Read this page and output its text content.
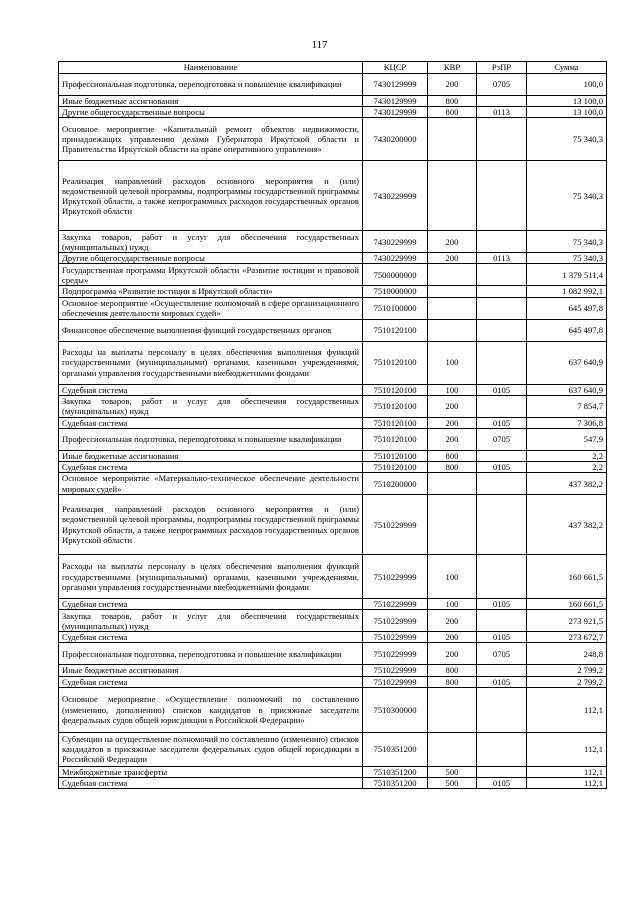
117
Наименование	КЦСР	КВР	РзПР	Сумма
Профессиональная подготовка, переподготовка и повышение квалификации	7430129999	200	0705	100,0
Иные бюджетные ассигнования	7430129999	800		13 100,0
Другие общегосударственные вопросы	7430129999	800	0113	13 100,0
Основное мероприятие «Капитальный ремонт объектов недвижимости, принадлежащих управлению делами Губернатора Иркутской области и Правительства Иркутской области на праве оперативного управления»	7430200000			75 340,3
Реализация направлений расходов основного мероприятия и (или) ведомственной целевой программы, подпрограммы государственной программы Иркутской области, а также непрограммных расходов государственных органов Иркутской области	7430229999			75 340,3
Закупка товаров, работ и услуг для обеспечения государственных (муниципальных) нужд	7430229999	200		75 340,3
Другие общегосударственные вопросы	7430229999	200	0113	75 340,3
Государственная программа Иркутской области «Развитие юстиции и правовой среды»	7500000000			1 379 511,4
Подпрограмма «Развитие юстиции в Иркутской области»	7510000000			1 082 992,1
Основное мероприятие «Осуществление полномочий в сфере организационного обеспечения деятельности мировых судей»	7510100000			645 497,8
Финансовое обеспечение выполнения функций государственных органов	7510120100			645 497,8
Расходы на выплаты персоналу в целях обеспечения выполнения функций государственными (муниципальными) органами, казенными учреждениями, органами управления государственными внебюджетными фондами	7510120100	100		637 640,9
Судебная система	7510120100	100	0105	637 640,9
Закупка товаров, работ и услуг для обеспечения государственных (муниципальных) нужд	7510120100	200		7 854,7
Судебная система	7510120100	200	0105	7 306,8
Профессиональная подготовка, переподготовка и повышение квалификации	7510120100	200	0705	547,9
Иные бюджетные ассигнования	7510120100	800		2,2
Судебная система	7510120100	800	0105	2,2
Основное мероприятие «Материально-техническое обеспечение деятельности мировых судей»	7510200000			437 382,2
Реализация направлений расходов основного мероприятия и (или) ведомственной целевой программы, подпрограммы государственной программы Иркутской области, а также непрограммных расходов государственных органов Иркутской области	7510229999			437 382,2
Расходы на выплаты персоналу в целях обеспечения выполнения функций государственными (муниципальными) органами, казенными учреждениями, органами управления государственными внебюджетными фондами	7510229999	100		160 661,5
Судебная система	7510229999	100	0105	160 661,5
Закупка товаров, работ и услуг для обеспечения государственных (муниципальных) нужд	7510229999	200		273 921,5
Судебная система	7510229999	200	0105	273 672,7
Профессиональная подготовка, переподготовка и повышение квалификации	7510229999	200	0705	248,8
Иные бюджетные ассигнования	7510229999	800		2 799,2
Судебная система	7510229999	800	0105	2 799,2
Основное мероприятие «Осуществление полномочий по составлению (изменению, дополнению) списков кандидатов в присяжные заседатели федеральных судов общей юрисдикции в Российской Федерации»	7510300000			112,1
Субвенции на осуществление полномочий по составлению (изменению) списков кандидатов в присяжные заседатели федеральных судов общей юрисдикции в Российской Федерации	7510351200			112,1
Межбюджетные трансферты	7510351200	500		112,1
Судебная система	7510351200	500	0105	112,1
